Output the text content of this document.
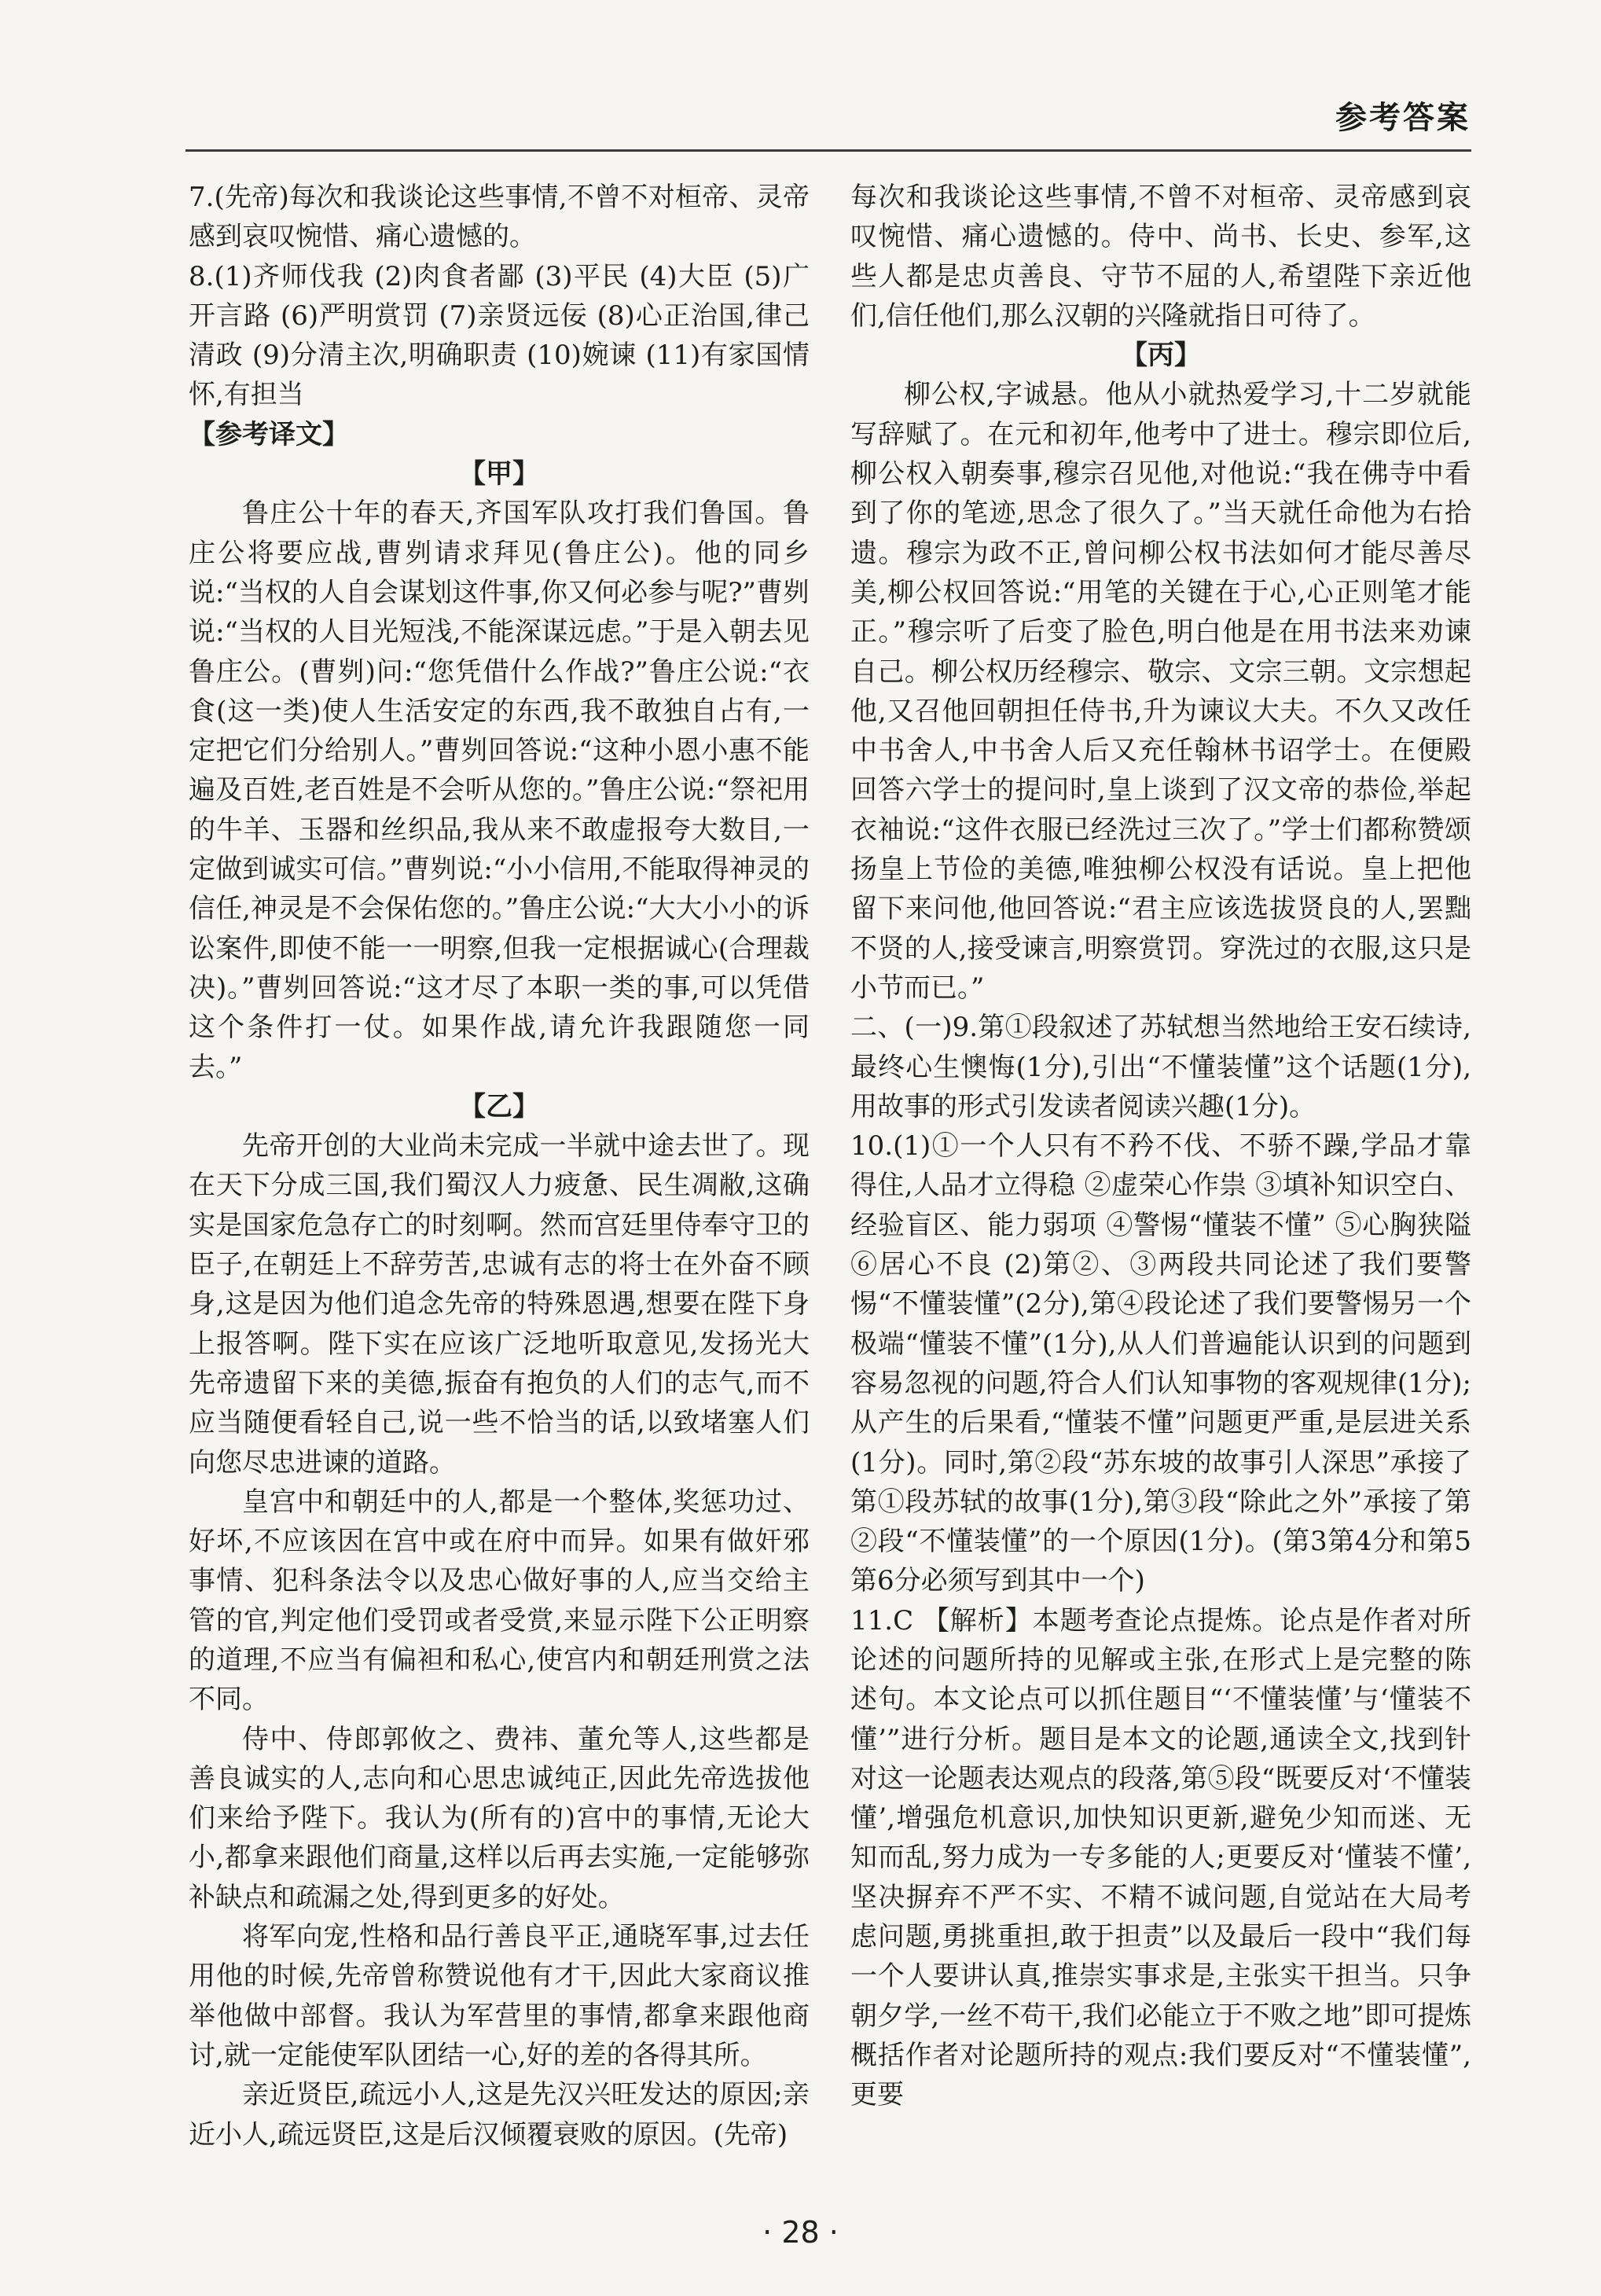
参考答案

7.(先帝)每次和我谈论这些事情,不曾不对桓帝、灵帝感到哀叹惋惜、痛心遗憾的。

8.(1)齐师伐我 (2)肉食者鄙 (3)平民 (4)大臣 (5)广开言路 (6)严明赏罚 (7)亲贤远佞 (8)心正治国,律己清政 (9)分清主次,明确职责 (10)婉谏 (11)有家国情怀,有担当

【参考译文】

【甲】

鲁庄公十年的春天,齐国军队攻打我们鲁国。鲁庄公将要应战,曹刿请求拜见(鲁庄公)。他的同乡说:“当权的人自会谋划这件事,你又何必参与呢?”曹刿说:“当权的人目光短浅,不能深谋远虑。”于是入朝去见鲁庄公。(曹刿)问:“您凭借什么作战?”鲁庄公说:“衣食(这一类)使人生活安定的东西,我不敢独自占有,一定把它们分给别人。”曹刿回答说:“这种小恩小惠不能遍及百姓,老百姓是不会听从您的。”鲁庄公说:“祭祀用的牛羊、玉器和丝织品,我从来不敢虚报夸大数目,一定做到诚实可信。”曹刿说:“小小信用,不能取得神灵的信任,神灵是不会保佑您的。”鲁庄公说:“大大小小的诉讼案件,即使不能一一明察,但我一定根据诚心(合理裁决)。”曹刿回答说:“这才尽了本职一类的事,可以凭借这个条件打一仗。如果作战,请允许我跟随您一同去。”

【乙】

先帝开创的大业尚未完成一半就中途去世了。现在天下分成三国,我们蜀汉人力疲惫、民生凋敝,这确实是国家危急存亡的时刻啊。然而宫廷里侍奉守卫的臣子,在朝廷上不辞劳苦,忠诚有志的将士在外奋不顾身,这是因为他们追念先帝的特殊恩遇,想要在陛下身上报答啊。陛下实在应该广泛地听取意见,发扬光大先帝遗留下来的美德,振奋有抱负的人们的志气,而不应当随便看轻自己,说一些不恰当的话,以致堵塞人们向您尽忠进谏的道路。

皇宫中和朝廷中的人,都是一个整体,奖惩功过、好坏,不应该因在宫中或在府中而异。如果有做奸邪事情、犯科条法令以及忠心做好事的人,应当交给主管的官,判定他们受罚或者受赏,来显示陛下公正明察的道理,不应当有偏袒和私心,使宫内和朝廷刑赏之法不同。

侍中、侍郎郭攸之、费祎、董允等人,这些都是善良诚实的人,志向和心思忠诚纯正,因此先帝选拔他们来给予陛下。我认为(所有的)宫中的事情,无论大小,都拿来跟他们商量,这样以后再去实施,一定能够弥补缺点和疏漏之处,得到更多的好处。

将军向宠,性格和品行善良平正,通晓军事,过去任用他的时候,先帝曾称赞说他有才干,因此大家商议推举他做中部督。我认为军营里的事情,都拿来跟他商讨,就一定能使军队团结一心,好的差的各得其所。

亲近贤臣,疏远小人,这是先汉兴旺发达的原因;亲近小人,疏远贤臣,这是后汉倾覆衰败的原因。(先帝)

每次和我谈论这些事情,不曾不对桓帝、灵帝感到哀叹惋惜、痛心遗憾的。侍中、尚书、长史、参军,这些人都是忠贞善良、守节不屈的人,希望陛下亲近他们,信任他们,那么汉朝的兴隆就指日可待了。

【丙】

柳公权,字诚悬。他从小就热爱学习,十二岁就能写辞赋了。在元和初年,他考中了进士。穆宗即位后,柳公权入朝奏事,穆宗召见他,对他说:“我在佛寺中看到了你的笔迹,思念了很久了。”当天就任命他为右拾遗。穆宗为政不正,曾问柳公权书法如何才能尽善尽美,柳公权回答说:“用笔的关键在于心,心正则笔才能正。”穆宗听了后变了脸色,明白他是在用书法来劝谏自己。柳公权历经穆宗、敬宗、文宗三朝。文宗想起他,又召他回朝担任侍书,升为谏议大夫。不久又改任中书舍人,中书舍人后又充任翰林书诏学士。在便殿回答六学士的提问时,皇上谈到了汉文帝的恭俭,举起衣袖说:“这件衣服已经洗过三次了。”学士们都称赞颂扬皇上节俭的美德,唯独柳公权没有话说。皇上把他留下来问他,他回答说:“君主应该选拔贤良的人,罢黜不贤的人,接受谏言,明察赏罚。穿洗过的衣服,这只是小节而已。”

二、(一)9.第①段叙述了苏轼想当然地给王安石续诗,最终心生懊悔(1分),引出“不懂装懂”这个话题(1分),用故事的形式引发读者阅读兴趣(1分)。

10.(1)①一个人只有不矜不伐、不骄不躁,学品才靠得住,人品才立得稳 ②虚荣心作祟 ③填补知识空白、经验盲区、能力弱项 ④警惕“懂装不懂” ⑤心胸狭隘 ⑥居心不良 (2)第②、③两段共同论述了我们要警惕“不懂装懂”(2分),第④段论述了我们要警惕另一个极端“懂装不懂”(1分),从人们普遍能认识到的问题到容易忽视的问题,符合人们认知事物的客观规律(1分);从产生的后果看,“懂装不懂”问题更严重,是层进关系(1分)。同时,第②段“苏东坡的故事引人深思”承接了第①段苏轼的故事(1分),第③段“除此之外”承接了第②段“不懂装懂”的一个原因(1分)。(第3第4分和第5第6分必须写到其中一个)

11.C 【解析】本题考查论点提炼。论点是作者对所论述的问题所持的见解或主张,在形式上是完整的陈述句。本文论点可以抓住题目“‘不懂装懂’与‘懂装不懂’”进行分析。题目是本文的论题,通读全文,找到针对这一论题表达观点的段落,第⑤段“既要反对‘不懂装懂’,增强危机意识,加快知识更新,避免少知而迷、无知而乱,努力成为一专多能的人;更要反对‘懂装不懂’,坚决摒弃不严不实、不精不诚问题,自觉站在大局考虑问题,勇挑重担,敢于担责”以及最后一段中“我们每一个人要讲认真,推崇实事求是,主张实干担当。只争朝夕学,一丝不苟干,我们必能立于不败之地”即可提炼概括作者对论题所持的观点:我们要反对“不懂装懂”,更要

· 28 ·
